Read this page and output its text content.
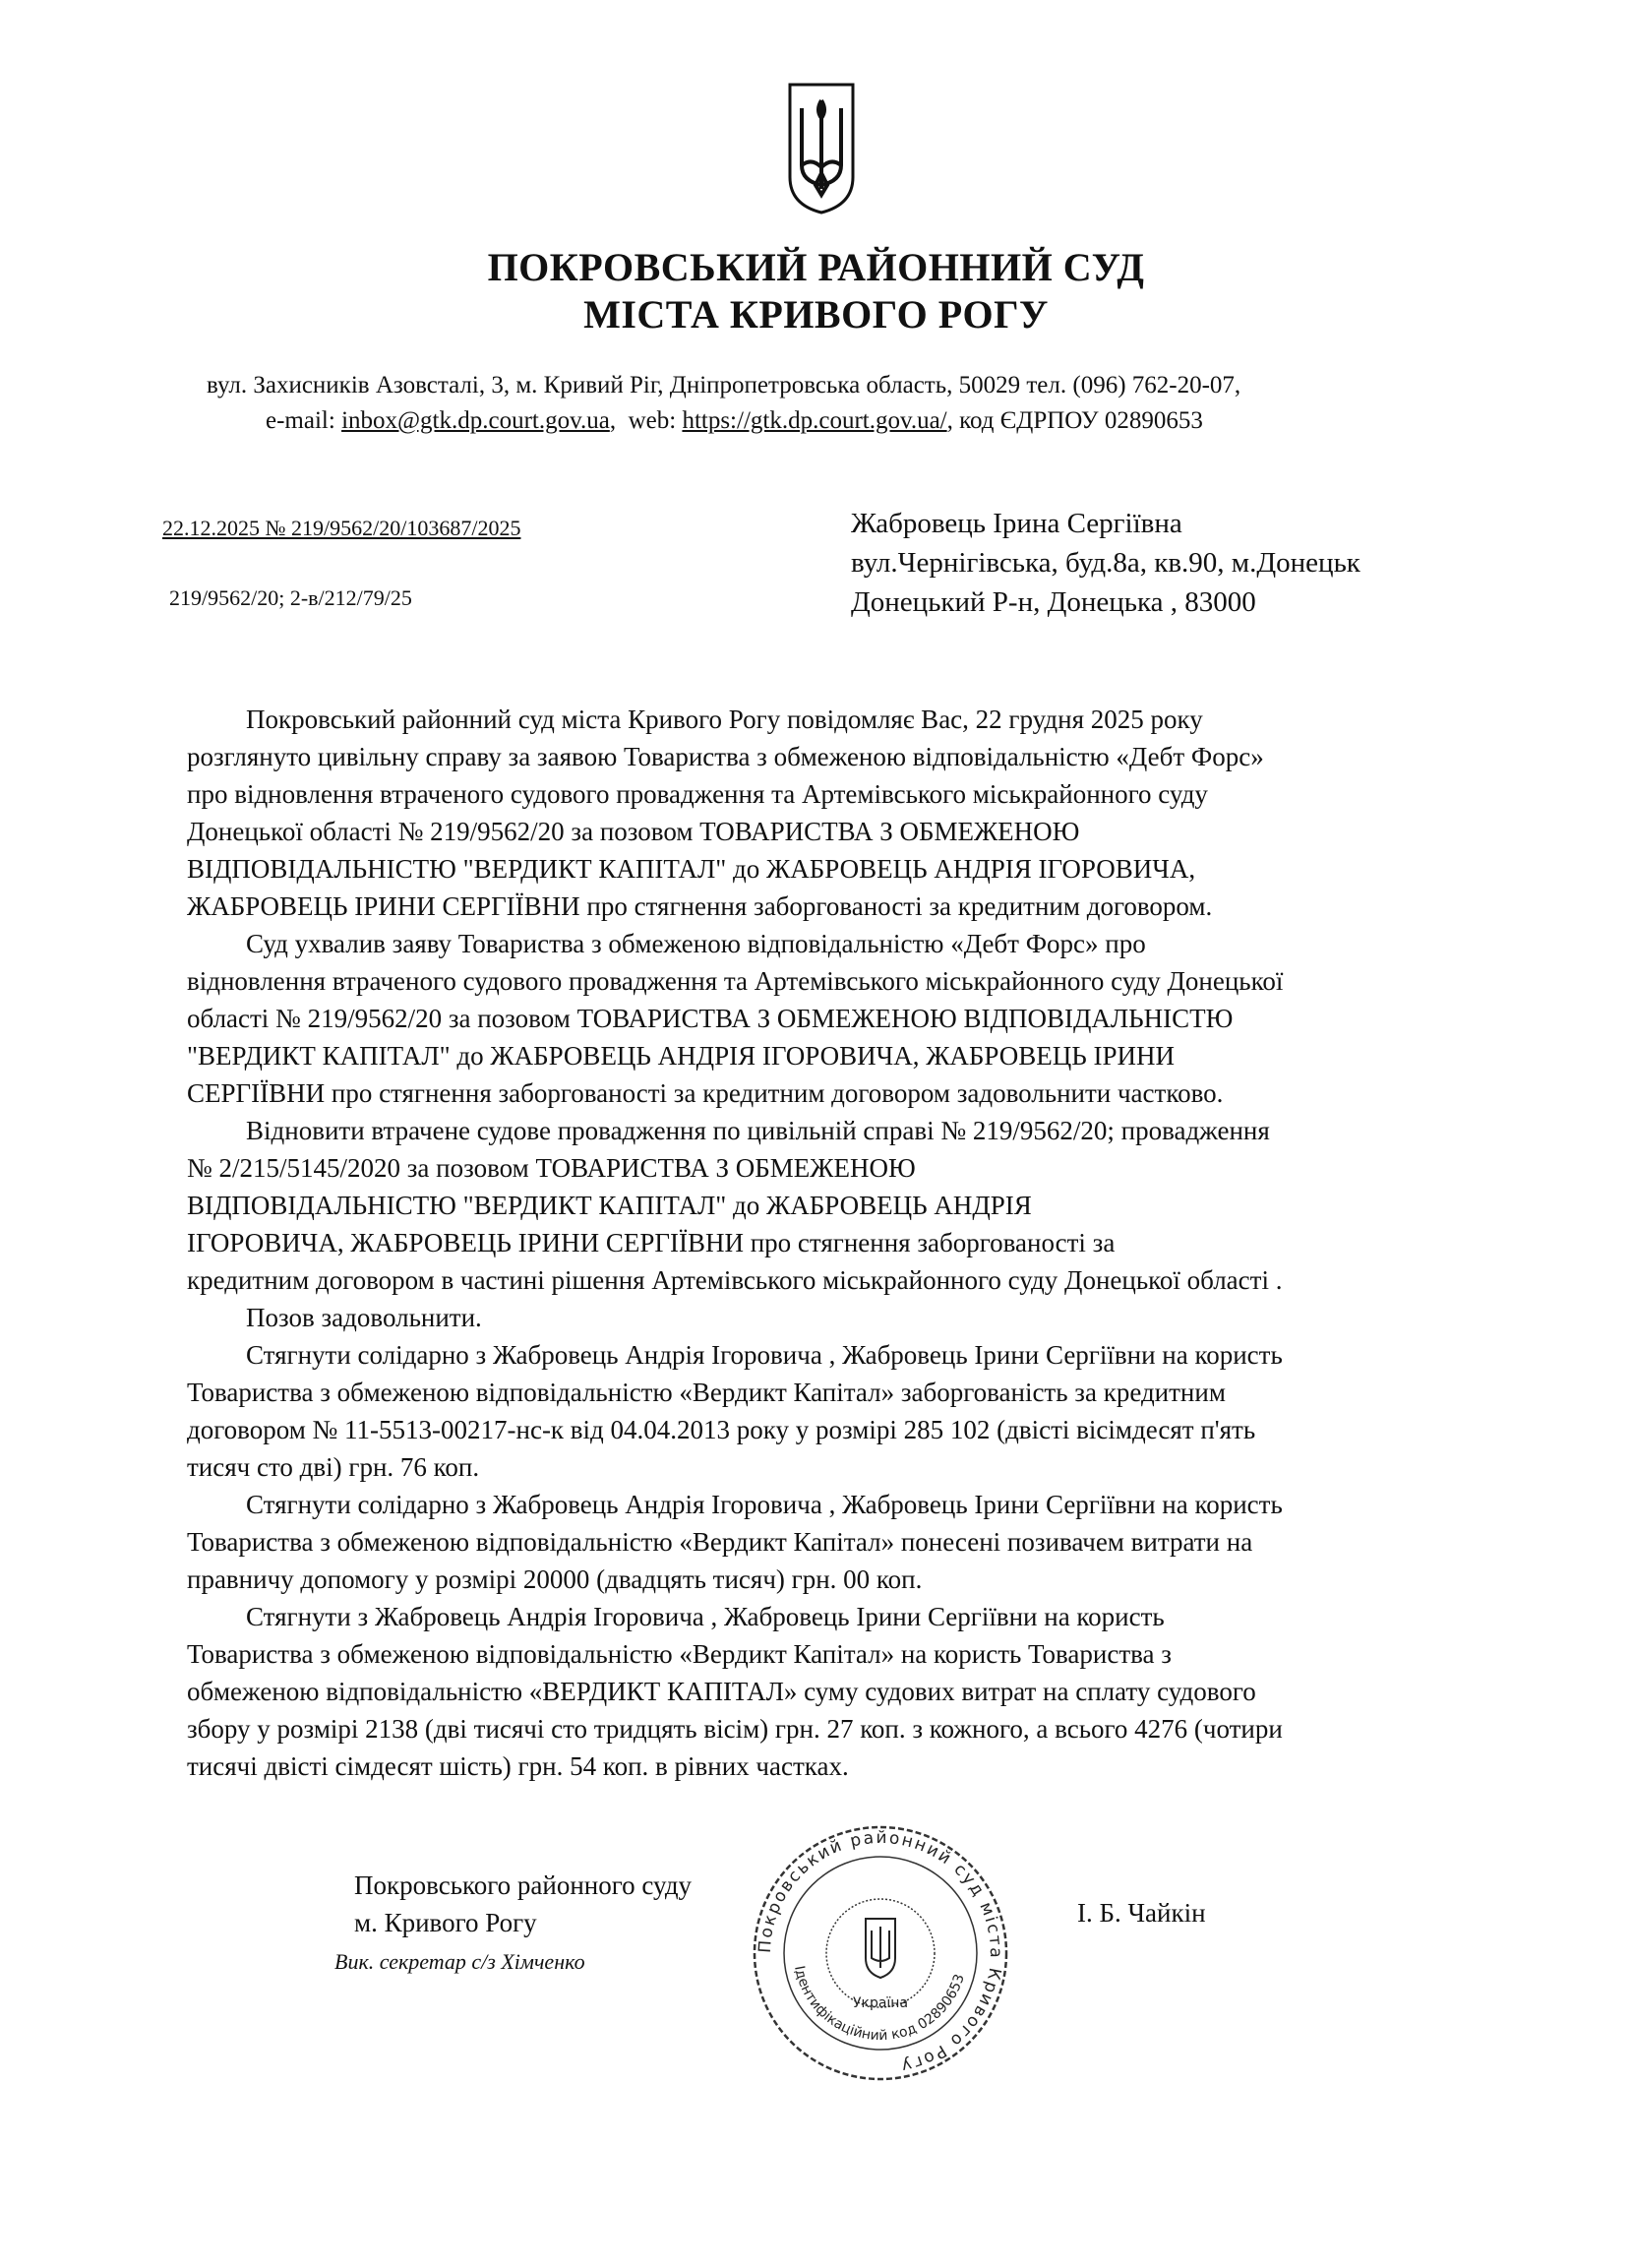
ПОКРОВСЬКИЙ РАЙОННИЙ СУД
МІСТА КРИВОГО РОГУ
вул. Захисників Азовсталі, 3, м. Кривий Ріг, Дніпропетровська область, 50029 тел. (096) 762-20-07,
e-mail: inbox@gtk.dp.court.gov.ua,  web: https://gtk.dp.court.gov.ua/, код ЄДРПОУ 02890653
22.12.2025 № 219/9562/20/103687/2025
219/9562/20; 2-в/212/79/25
Жабровець Ірина Сергіївна
вул.Чернігівська, буд.8а, кв.90, м.Донецьк
Донецький Р-н, Донецька , 83000
Покровський районний суд міста Кривого Рогу повідомляє Вас, 22 грудня 2025 року
розглянуто цивільну справу за заявою Товариства з обмеженою відповідальністю «Дебт Форс»
про відновлення втраченого судового провадження та Артемівського міськрайонного суду
Донецької області № 219/9562/20 за позовом ТОВАРИСТВА З ОБМЕЖЕНОЮ
ВІДПОВІДАЛЬНІСТЮ "ВЕРДИКТ КАПІТАЛ" до ЖАБРОВЕЦЬ АНДРІЯ ІГОРОВИЧА,
ЖАБРОВЕЦЬ ІРИНИ СЕРГІЇВНИ про стягнення заборгованості за кредитним договором.
Суд ухвалив заяву Товариства з обмеженою відповідальністю «Дебт Форс» про
відновлення втраченого судового провадження та Артемівського міськрайонного суду Донецької
області № 219/9562/20 за позовом ТОВАРИСТВА З ОБМЕЖЕНОЮ ВІДПОВІДАЛЬНІСТЮ
"ВЕРДИКТ КАПІТАЛ" до ЖАБРОВЕЦЬ АНДРІЯ ІГОРОВИЧА, ЖАБРОВЕЦЬ ІРИНИ
СЕРГІЇВНИ про стягнення заборгованості за кредитним договором задовольнити частково.
Відновити втрачене судове провадження по цивільній справі № 219/9562/20; провадження
№ 2/215/5145/2020 за позовом ТОВАРИСТВА З ОБМЕЖЕНОЮ
ВІДПОВІДАЛЬНІСТЮ "ВЕРДИКТ КАПІТАЛ" до ЖАБРОВЕЦЬ АНДРІЯ
ІГОРОВИЧА, ЖАБРОВЕЦЬ ІРИНИ СЕРГІЇВНИ про стягнення заборгованості за
кредитним договором в частині рішення Артемівського міськрайонного суду Донецької області .
Позов задовольнити.
Стягнути солідарно з Жабровець Андрія Ігоровича , Жабровець Ірини Сергіївни на користь
Товариства з обмеженою відповідальністю «Вердикт Капітал» заборгованість за кредитним
договором № 11-5513-00217-нс-к від 04.04.2013 року у розмірі 285 102 (двісті вісімдесят п'ять
тисяч сто дві) грн. 76 коп.
Стягнути солідарно з Жабровець Андрія Ігоровича , Жабровець Ірини Сергіївни на користь
Товариства з обмеженою відповідальністю «Вердикт Капітал» понесені позивачем витрати на
правничу допомогу у розмірі 20000 (двадцять тисяч) грн. 00 коп.
Стягнути з Жабровець Андрія Ігоровича , Жабровець Ірини Сергіївни на користь
Товариства з обмеженою відповідальністю «Вердикт Капітал» на користь Товариства з
обмеженою відповідальністю «ВЕРДИКТ КАПІТАЛ» суму судових витрат на сплату судового
збору у розмірі 2138 (дві тисячі сто тридцять вісім) грн. 27 коп. з кожного, а всього 4276 (чотири
тисячі двісті сімдесят шість) грн. 54 коп. в рівних частках.
Покровського районного суду
м. Кривого Рогу
Вик. секретар с/з Хімченко
І. Б. Чайкін
Покровський районний суд міста Кривого Рогу
Ідентифікаційний код 02890653
Україна
